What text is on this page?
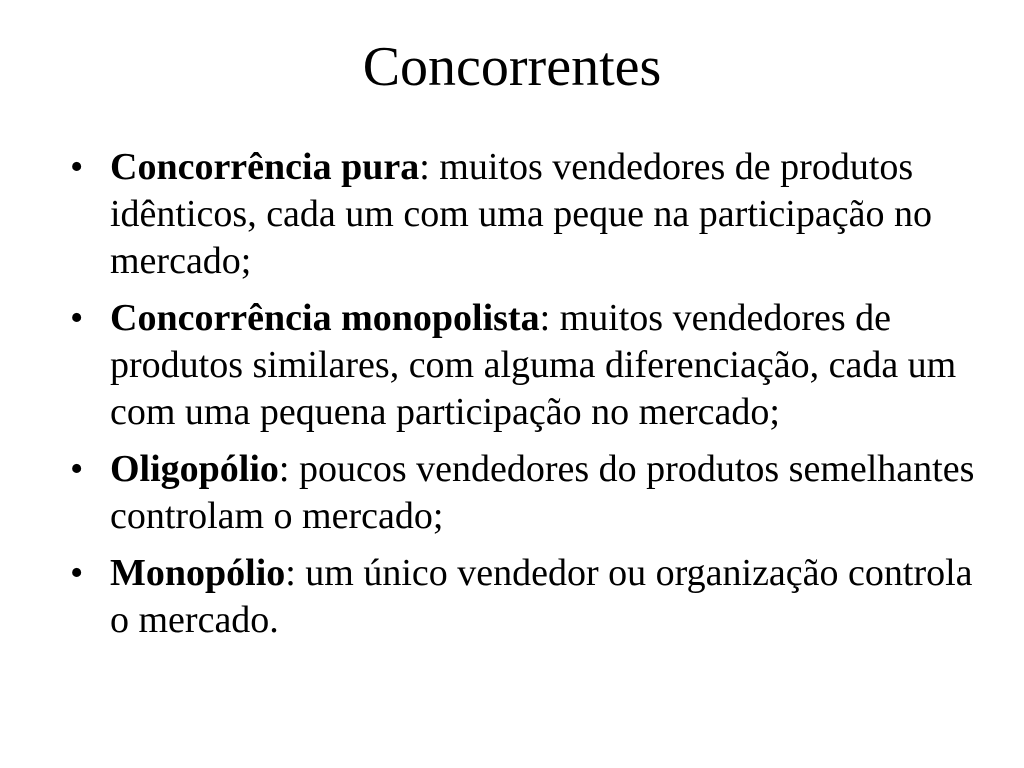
Concorrentes
• Concorrência pura: muitos vendedores de produtos idênticos, cada um com uma peque na participação no mercado;
• Concorrência monopolista: muitos vendedores de produtos similares, com alguma diferenciação, cada um com uma pequena participação no mercado;
• Oligopólio: poucos vendedores do produtos semelhantes controlam o mercado;
• Monopólio: um único vendedor ou organização controla o mercado.
